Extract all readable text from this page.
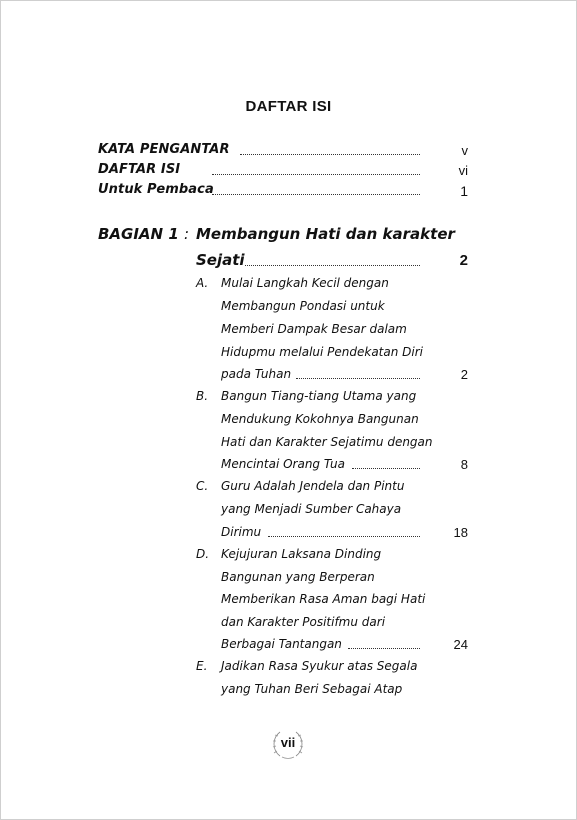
DAFTAR ISI
KATA PENGANTAR	v
DAFTAR ISI	vi
Untuk Pembaca	1
BAGIAN 1 : Membangun Hati dan karakter
Sejati	2
A. Mulai Langkah Kecil dengan
Membangun Pondasi untuk
Memberi Dampak Besar dalam
Hidupmu melalui Pendekatan Diri
pada Tuhan	2
B. Bangun Tiang-tiang Utama yang
Mendukung Kokohnya Bangunan
Hati dan Karakter Sejatimu dengan
Mencintai Orang Tua	8
C. Guru Adalah Jendela dan Pintu
yang Menjadi Sumber Cahaya
Dirimu	18
D. Kejujuran Laksana Dinding
Bangunan yang Berperan
Memberikan Rasa Aman bagi Hati
dan Karakter Positifmu dari
Berbagai Tantangan	24
E. Jadikan Rasa Syukur atas Segala
yang Tuhan Beri Sebagai Atap
vii
